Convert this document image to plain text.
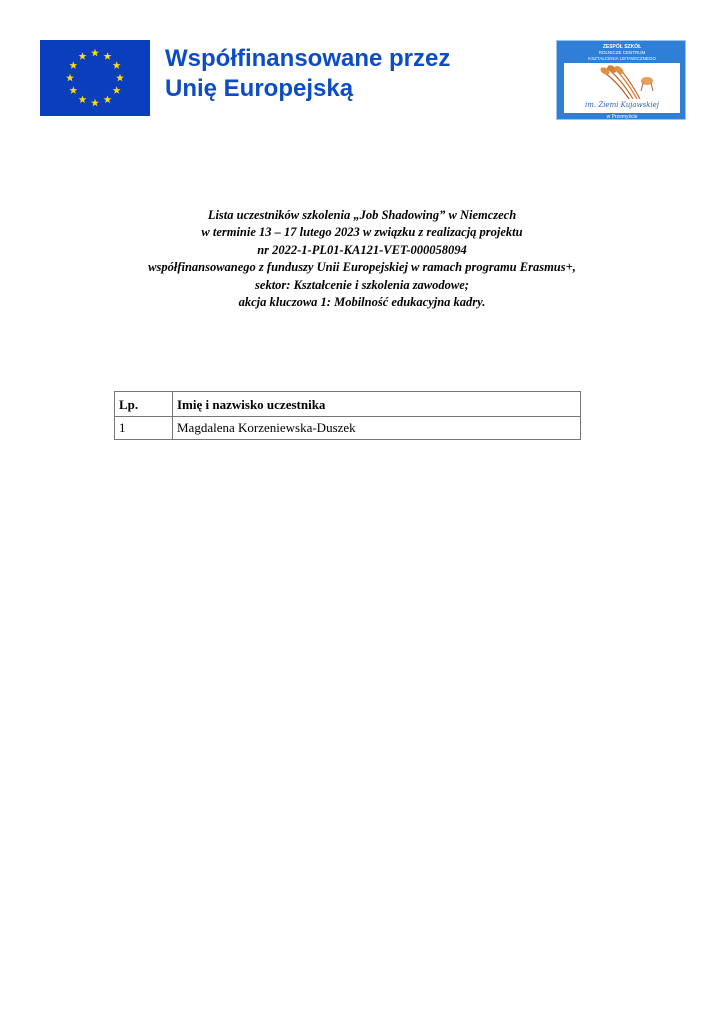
Współfinansowane przez
Unię Europejską
ZESPÓŁ SZKÓŁ
ROLNICZE CENTRUM
KSZTAŁCENIA USTAWICZNEGO
im. Ziemi Kujawskiej
w Przemyście
Lista uczestników szkolenia „Job Shadowing” w Niemczech
w terminie 13 – 17 lutego 2023 w związku z realizacją projektu
nr 2022-1-PL01-KA121-VET-000058094
współfinansowanego z funduszy Unii Europejskiej w ramach programu Erasmus+,
sektor: Kształcenie i szkolenia zawodowe;
akcja kluczowa 1: Mobilność edukacyjna kadry.
Lp.	Imię i nazwisko uczestnika
1	Magdalena Korzeniewska-Duszek
